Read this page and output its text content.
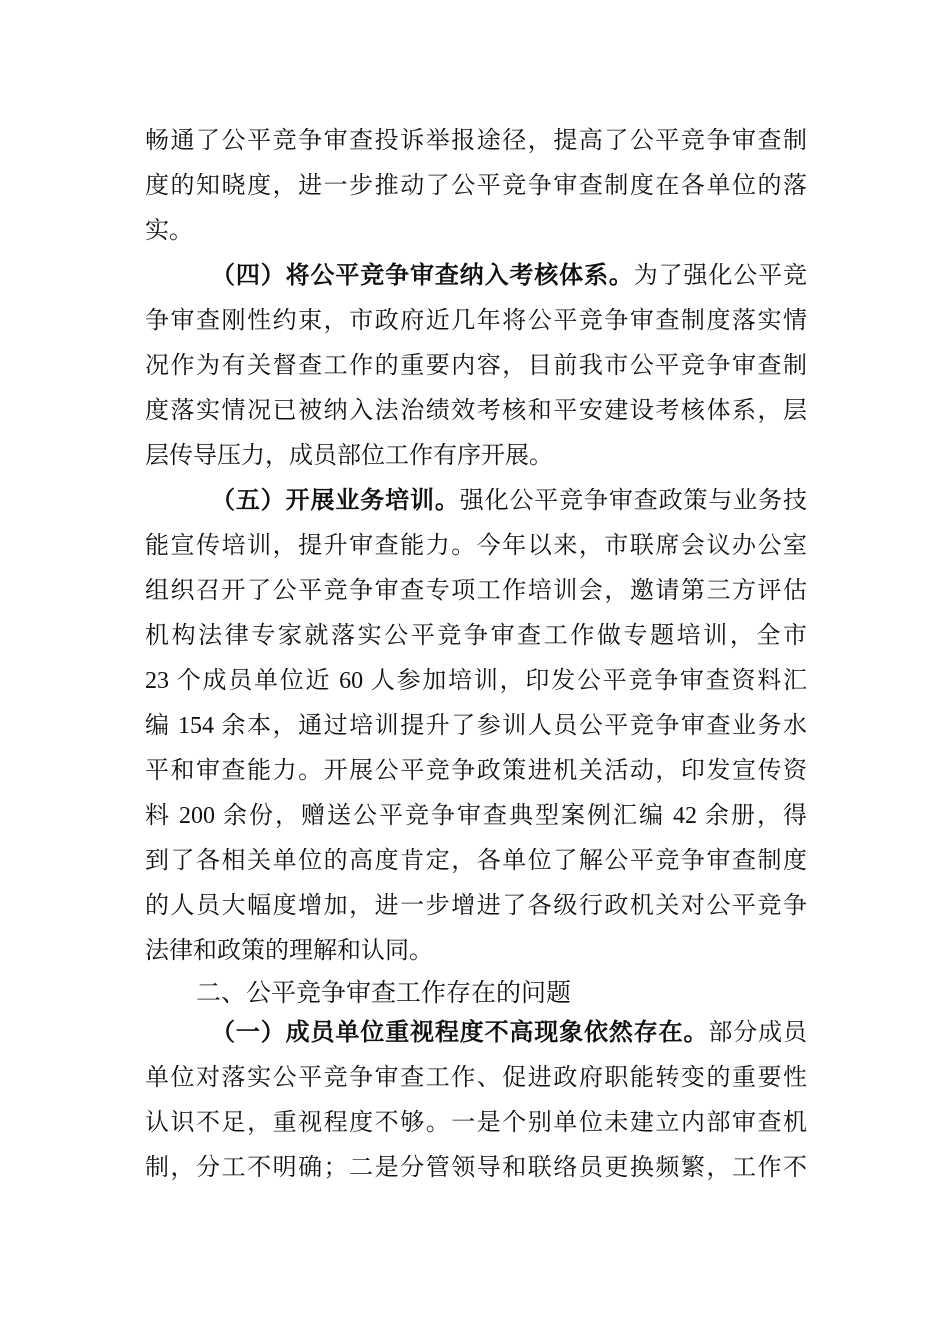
畅通了公平竞争审查投诉举报途径，提高了公平竞争审查制
度的知晓度，进一步推动了公平竞争审查制度在各单位的落
实。
（四）将公平竞争审查纳入考核体系。为了强化公平竞
争审查刚性约束，市政府近几年将公平竞争审查制度落实情
况作为有关督查工作的重要内容，目前我市公平竞争审查制
度落实情况已被纳入法治绩效考核和平安建设考核体系，层
层传导压力，成员部位工作有序开展。
（五）开展业务培训。强化公平竞争审查政策与业务技
能宣传培训，提升审查能力。今年以来，市联席会议办公室
组织召开了公平竞争审查专项工作培训会，邀请第三方评估
机构法律专家就落实公平竞争审查工作做专题培训，全市
23 个成员单位近 60 人参加培训，印发公平竞争审查资料汇
编 154 余本，通过培训提升了参训人员公平竞争审查业务水
平和审查能力。开展公平竞争政策进机关活动，印发宣传资
料 200 余份，赠送公平竞争审查典型案例汇编 42 余册，得
到了各相关单位的高度肯定，各单位了解公平竞争审查制度
的人员大幅度增加，进一步增进了各级行政机关对公平竞争
法律和政策的理解和认同。
二、公平竞争审查工作存在的问题
（一）成员单位重视程度不高现象依然存在。部分成员
单位对落实公平竞争审查工作、促进政府职能转变的重要性
认识不足，重视程度不够。一是个别单位未建立内部审查机
制，分工不明确；二是分管领导和联络员更换频繁，工作不
